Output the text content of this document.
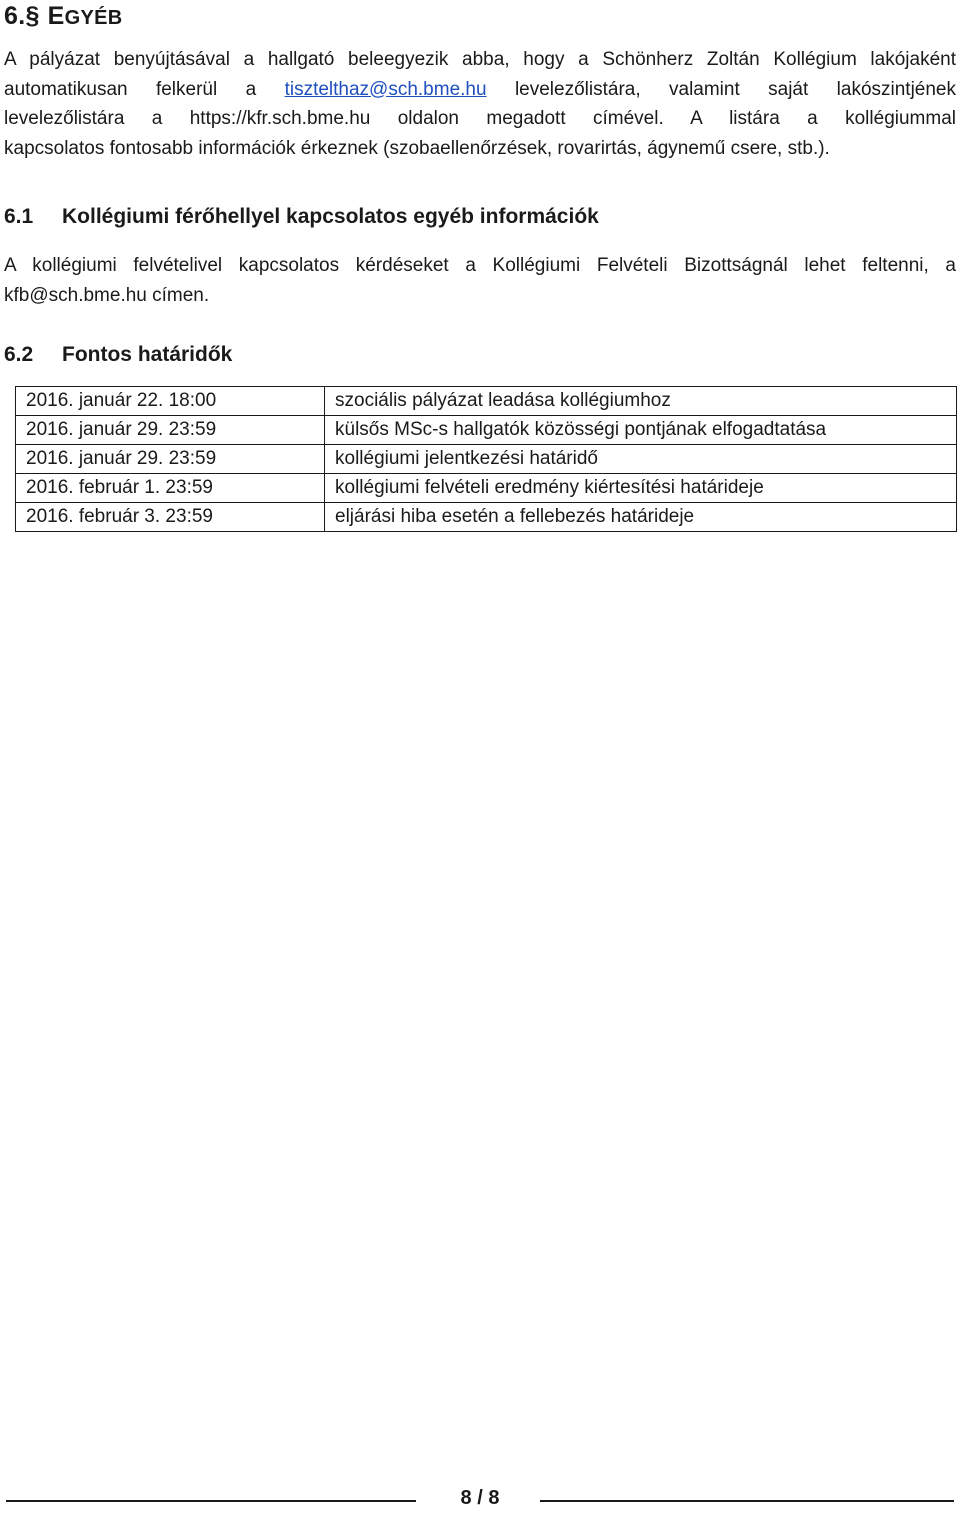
6.§ EGYÉB
A pályázat benyújtásával a hallgató beleegyezik abba, hogy a Schönherz Zoltán Kollégium lakójaként
automatikusan felkerül a tisztelthaz@sch.bme.hu levelezőlistára, valamint saját lakószintjének
levelezőlistára a https://kfr.sch.bme.hu oldalon megadott címével. A listára a kollégiummal
kapcsolatos fontosabb információk érkeznek (szobaellenőrzések, rovarirtás, ágynemű csere, stb.).
6.1 Kollégiumi férőhellyel kapcsolatos egyéb információk
A kollégiumi felvételivel kapcsolatos kérdéseket a Kollégiumi Felvételi Bizottságnál lehet feltenni, a
kfb@sch.bme.hu címen.
6.2 Fontos határidők
2016. január 22. 18:00	szociális pályázat leadása kollégiumhoz
2016. január 29. 23:59	külsős MSc-s hallgatók közösségi pontjának elfogadtatása
2016. január 29. 23:59	kollégiumi jelentkezési határidő
2016. február 1. 23:59	kollégiumi felvételi eredmény kiértesítési határideje
2016. február 3. 23:59	eljárási hiba esetén a fellebezés határideje
8 / 8
